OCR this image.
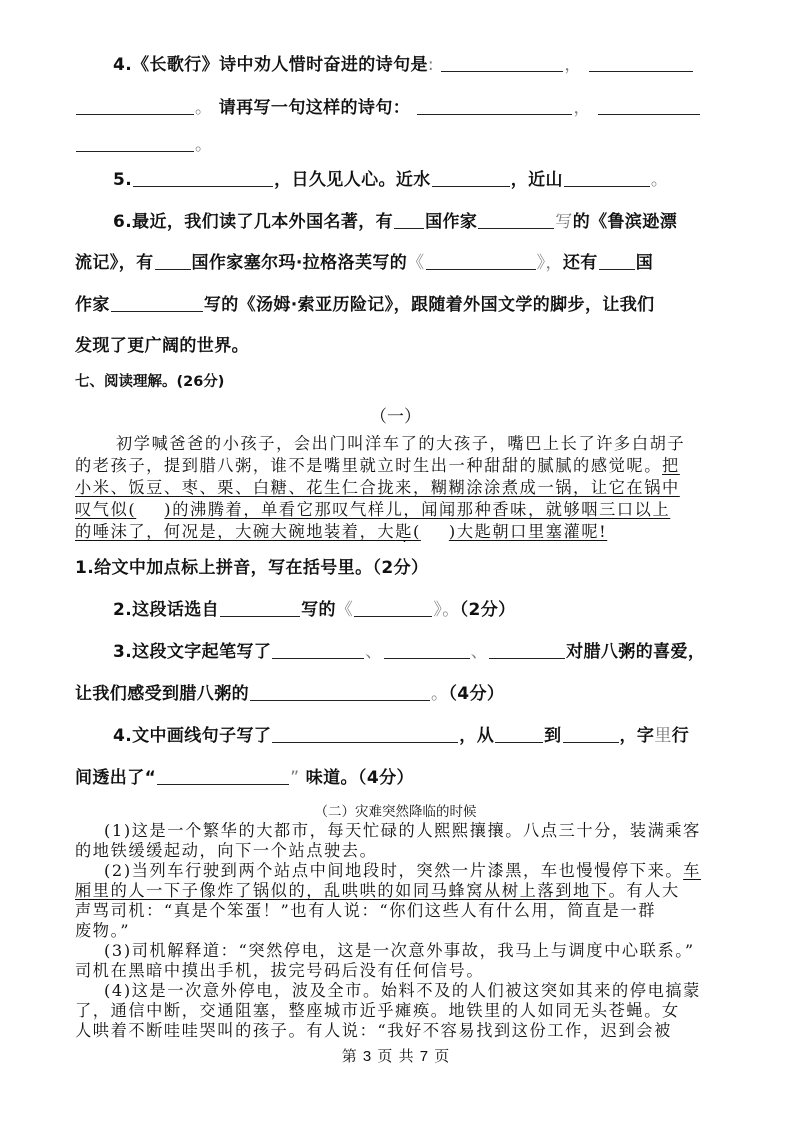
4.《长歌行》诗中劝人惜时奋进的诗句是:	，
。 请再写一句这样的诗句：	，
。
5.	，日久见人心。近水	，近山	。
6.最近，我们读了几本外国名著，有 国作家	写的《鲁滨逊漂
流记》，有 国作家塞尔玛·拉格洛芙写的《	》，还有 国
作家	写的《汤姆·索亚历险记》，跟随着外国文学的脚步，让我们
发现了更广阔的世界。
七、阅读理解。(26分)
（一）
初学喊爸爸的小孩子，会出门叫洋车了的大孩子，嘴巴上长了许多白胡子
的老孩子，提到腊八粥，谁不是嘴里就立时生出一种甜甜的腻腻的感觉呢。把
小米、饭豆、枣、栗、白糖、花生仁合拢来，糊糊涂涂煮成一锅，让它在锅中
叹气似( )的沸腾着，单看它那叹气样儿，闻闻那种香味，就够咽三口以上
的唾沫了，何况是，大碗大碗地装着，大匙( )大匙朝口里塞灌呢!
1.给文中加点标上拼音，写在括号里。（2分）
2.这段话选自	写的《	》。（2分）
3.这段文字起笔写了	、	、	对腊八粥的喜爱，
让我们感受到腊八粥的	。（4分）
4.文中画线句子写了	，从	到	，字里行
间透出了“	” 味道。（4分）
（二）灾难突然降临的时候
(1)这是一个繁华的大都市，每天忙碌的人熙熙攘攘。八点三十分，装满乘客
的地铁缓缓起动，向下一个站点驶去。
(2)当列车行驶到两个站点中间地段时，突然一片漆黑，车也慢慢停下来。车
厢里的人一下子像炸了锅似的，乱哄哄的如同马蜂窝从树上落到地下。有人大
声骂司机：“真是个笨蛋！”也有人说：“你们这些人有什么用，简直是一群
废物。”
(3)司机解释道：“突然停电，这是一次意外事故，我马上与调度中心联系。”
司机在黑暗中摸出手机，拔完号码后没有任何信号。
(4)这是一次意外停电，波及全市。始料不及的人们被这突如其来的停电搞蒙
了，通信中断，交通阻塞，整座城市近乎瘫痪。地铁里的人如同无头苍蝇。女
人哄着不断哇哇哭叫的孩子。有人说：“我好不容易找到这份工作，迟到会被
第 3 页 共 7 页
